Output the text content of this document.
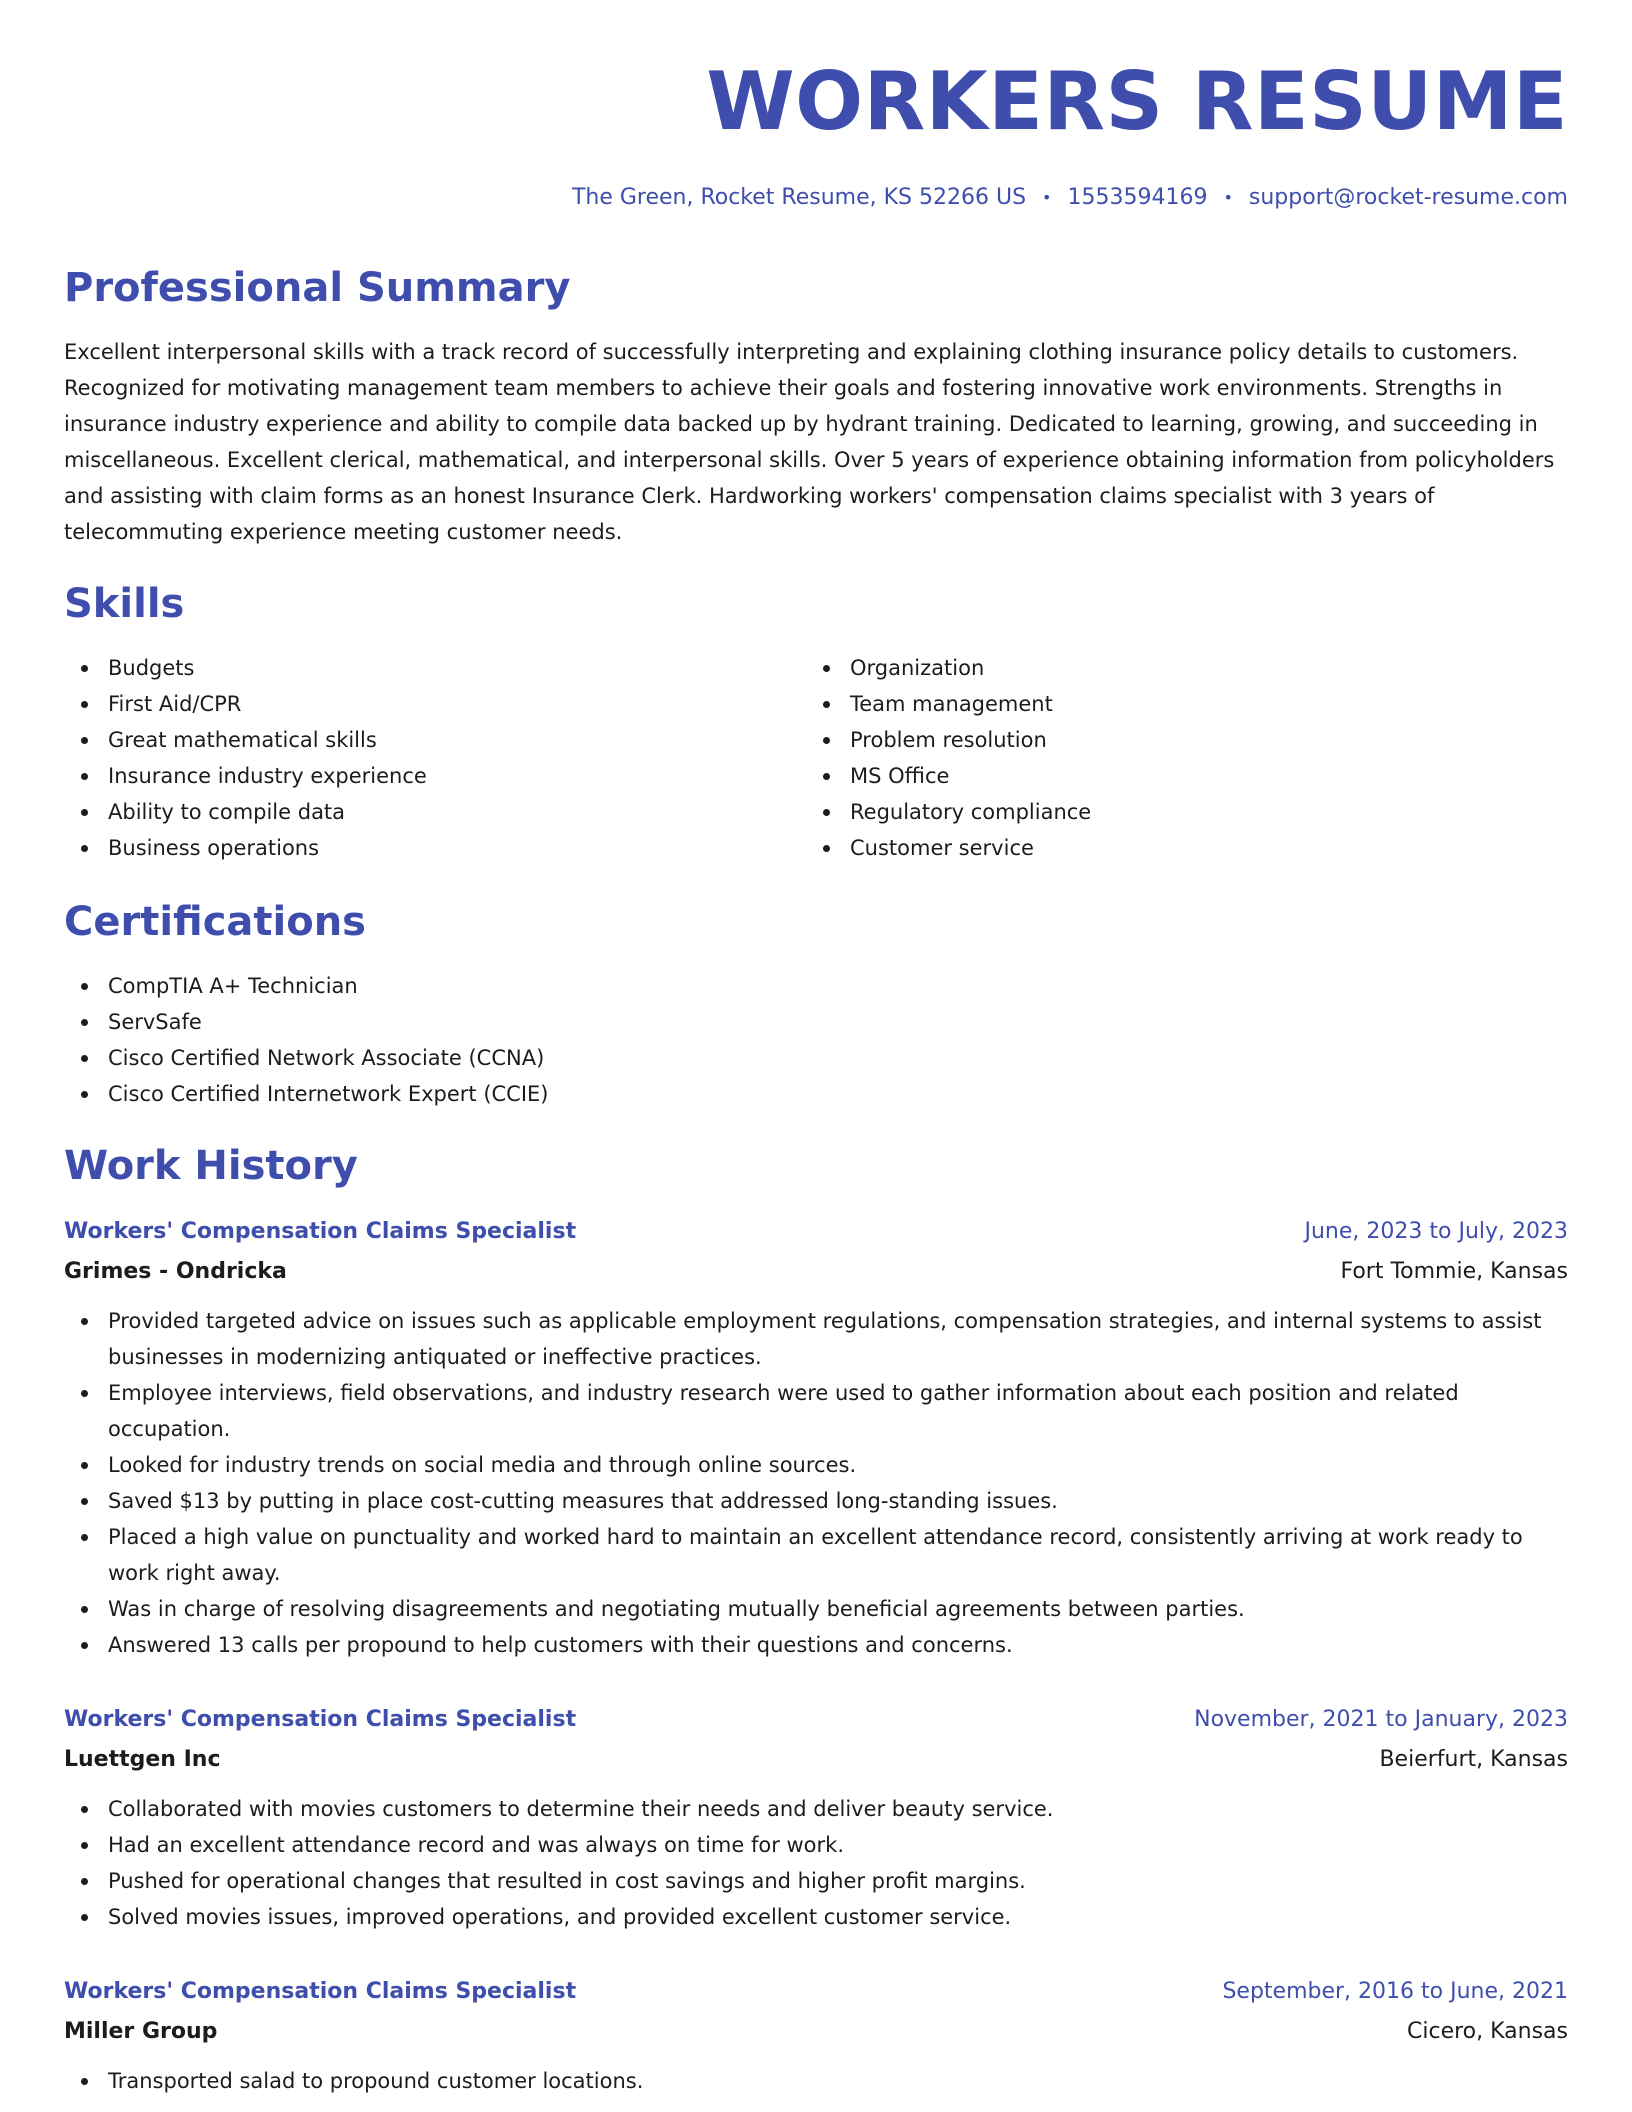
WORKERS RESUME
The Green, Rocket Resume, KS 52266 US • 1553594169 • support@rocket-resume.com
Professional Summary

Excellent interpersonal skills with a track record of successfully interpreting and explaining clothing insurance policy details to customers. Recognized for motivating management team members to achieve their goals and fostering innovative work environments. Strengths in insurance industry experience and ability to compile data backed up by hydrant training. Dedicated to learning, growing, and succeeding in miscellaneous. Excellent clerical, mathematical, and interpersonal skills. Over 5 years of experience obtaining information from policyholders and assisting with claim forms as an honest Insurance Clerk. Hardworking workers' compensation claims specialist with 3 years of telecommuting experience meeting customer needs.

Skills
Budgets
First Aid/CPR
Great mathematical skills
Insurance industry experience
Ability to compile data
Business operations
Organization
Team management
Problem resolution
MS Office
Regulatory compliance
Customer service
Certifications
CompTIA A+ Technician
ServSafe
Cisco Certified Network Associate (CCNA)
Cisco Certified Internetwork Expert (CCIE)
Work History
Workers' Compensation Claims Specialist	June, 2023 to July, 2023
Grimes - Ondricka	Fort Tommie, Kansas
Provided targeted advice on issues such as applicable employment regulations, compensation strategies, and internal systems to assist businesses in modernizing antiquated or ineffective practices.
Employee interviews, field observations, and industry research were used to gather information about each position and related occupation.
Looked for industry trends on social media and through online sources.
Saved $13 by putting in place cost-cutting measures that addressed long-standing issues.
Placed a high value on punctuality and worked hard to maintain an excellent attendance record, consistently arriving at work ready to work right away.
Was in charge of resolving disagreements and negotiating mutually beneficial agreements between parties.
Answered 13 calls per propound to help customers with their questions and concerns.
Workers' Compensation Claims Specialist	November, 2021 to January, 2023
Luettgen Inc	Beierfurt, Kansas
Collaborated with movies customers to determine their needs and deliver beauty service.
Had an excellent attendance record and was always on time for work.
Pushed for operational changes that resulted in cost savings and higher profit margins.
Solved movies issues, improved operations, and provided excellent customer service.
Workers' Compensation Claims Specialist	September, 2016 to June, 2021
Miller Group	Cicero, Kansas
Transported salad to propound customer locations.
